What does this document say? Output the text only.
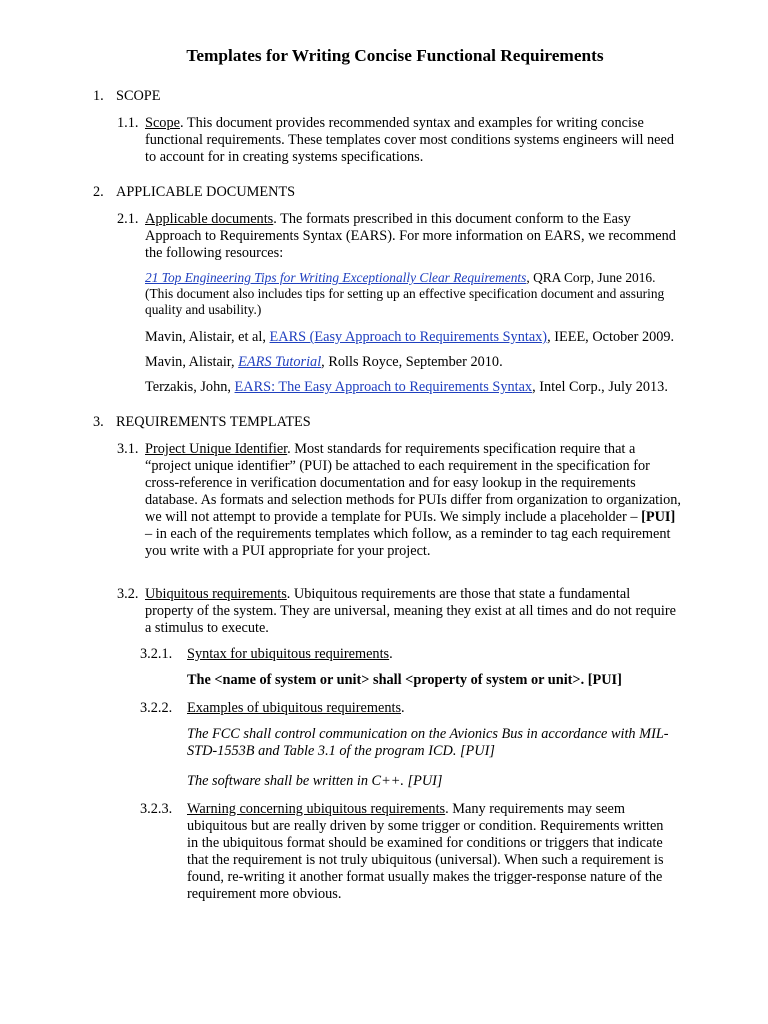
Templates for Writing Concise Functional Requirements
1. SCOPE
1.1. Scope. This document provides recommended syntax and examples for writing concise functional requirements. These templates cover most conditions systems engineers will need to account for in creating systems specifications.

2. APPLICABLE DOCUMENTS
2.1. Applicable documents. The formats prescribed in this document conform to the Easy Approach to Requirements Syntax (EARS). For more information on EARS, we recommend the following resources:

21 Top Engineering Tips for Writing Exceptionally Clear Requirements, QRA Corp, June 2016. (This document also includes tips for setting up an effective specification document and assuring quality and usability.)

Mavin, Alistair, et al, EARS (Easy Approach to Requirements Syntax), IEEE, October 2009.

Mavin, Alistair, EARS Tutorial, Rolls Royce, September 2010.

Terzakis, John, EARS: The Easy Approach to Requirements Syntax, Intel Corp., July 2013.

3. REQUIREMENTS TEMPLATES
3.1. Project Unique Identifier. Most standards for requirements specification require that a “project unique identifier” (PUI) be attached to each requirement in the specification for cross-reference in verification documentation and for easy lookup in the requirements database. As formats and selection methods for PUIs differ from organization to organization, we will not attempt to provide a template for PUIs. We simply include a placeholder – [PUI] – in each of the requirements templates which follow, as a reminder to tag each requirement you write with a PUI appropriate for your project.

3.2. Ubiquitous requirements. Ubiquitous requirements are those that state a fundamental property of the system. They are universal, meaning they exist at all times and do not require a stimulus to execute.

3.2.1. Syntax for ubiquitous requirements.

The <name of system or unit> shall <property of system or unit>. [PUI]
3.2.2. Examples of ubiquitous requirements.

The FCC shall control communication on the Avionics Bus in accordance with MIL-STD-1553B and Table 3.1 of the program ICD. [PUI]
The software shall be written in C++. [PUI]
3.2.3. Warning concerning ubiquitous requirements. Many requirements may seem ubiquitous but are really driven by some trigger or condition. Requirements written in the ubiquitous format should be examined for conditions or triggers that indicate that the requirement is not truly ubiquitous (universal). When such a requirement is found, re-writing it another format usually makes the trigger-response nature of the requirement more obvious.
